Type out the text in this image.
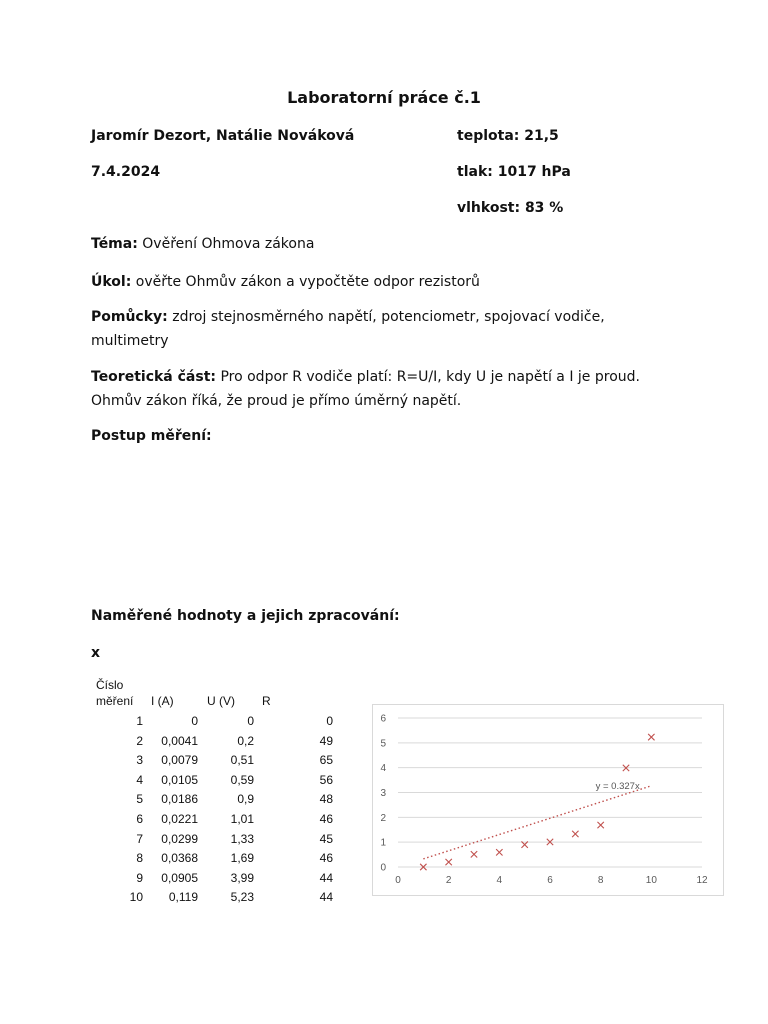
Laboratorní práce č.1
Jaromír Dezort, Natálie Nováková	teplota: 21,5
7.4.2024	tlak: 1017 hPa
vlhkost: 83 %
Téma: Ověření Ohmova zákona
Úkol: ověřte Ohmův zákon a vypočtěte odpor rezistorů
Pomůcky: zdroj stejnosměrného napětí, potenciometr, spojovací vodiče, multimetry
Teoretická část: Pro odpor R vodiče platí: R=U/I, kdy U je napětí a I je proud. Ohmův zákon říká, že proud je přímo úměrný napětí.
Postup měření:
Naměřené hodnoty a jejich zpracování:
x
Číslo
měření I (A)	U (V) R
1	0	0	0
2	0,0041	0,2	49
3	0,0079	0,51	65
4	0,0105	0,59	56
5	0,0186	0,9	48
6	0,0221	1,01	46
7	0,0299	1,33	45
8	0,0368	1,69	46
9	0,0905	3,99	44
10	0,119	5,23	44
0
1
2
3
4
5
6
0	2	4	6	8	10	12
y = 0.327x
